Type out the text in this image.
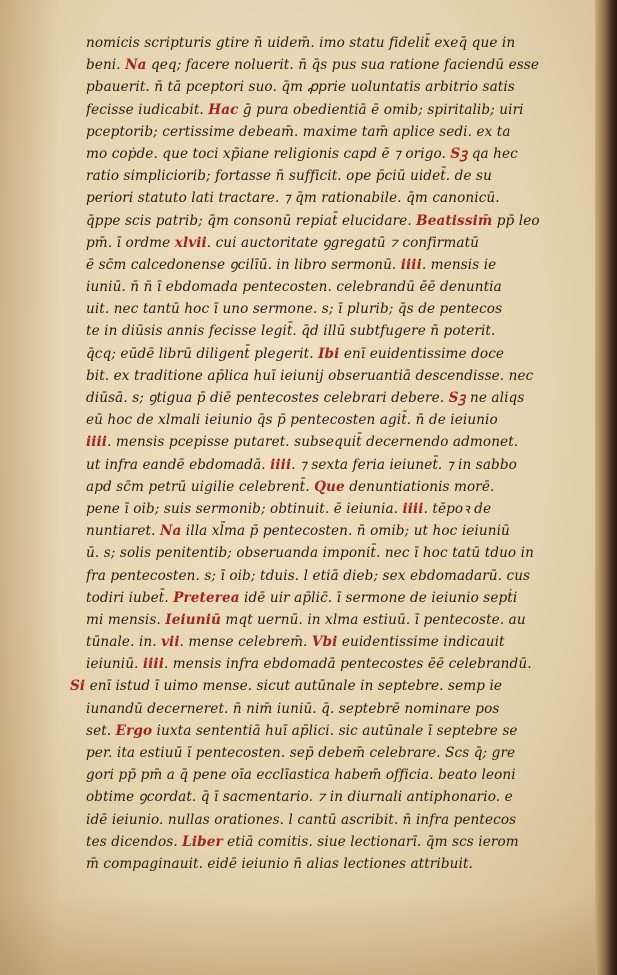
nomicis scripturis gtire n̄ uidem̄. imo statu fidelit̄ exeq̄ que in
beni. Na qeq; facere noluerit. n̄ q̄s pus sua ratione faciendū esse
pbauerit. n̄ tā pceptori suo. q̄m ꝓprie uoluntatis arbitrio satis
fecisse iudicabit. Hac ḡ pura obedientiā ē omib; spiritalib; uiri
pceptorib; certissime debeam̄. maxime tam̄ aplice sedi. ex ta
mo coṗde. que toci xp̄iane religionis capd ē ⁊ origo. Sꝫ qa hec
ratio simpliciorib; fortasse n̄ sufficit. ope p̄ciū uidet̄. de su
periori statuto lati tractare. ⁊ q̄m rationabile. q̄m canonicū.
q̄ppe scis patrib; q̄m consonū repiat̄ elucidare. Beatissim̄ pp̄ leo
pm̄. ī ordme xlvii. cui auctoritate ꝯgregatū ⁊ confirmatū
ē sc̄m calcedonense ꝯcilīū. in libro sermonū. iiii. mensis ie
iuniū. n̄ n̄ ī ebdomada pentecosten. celebrandū ēē denuntia
uit. nec tantū hoc ī uno sermone. s; ī plurib; q̄s de pentecos
te in diūsis annis fecisse legit̄. q̄d illū subtfugere n̄ poterit.
q̄cq; eūdē librū diligent̄ plegerit. Ibi enī euidentissime doce
bit. ex traditione ap̄lica huī ieiunij obseruantiā descendisse. nec
diūsā. s; ꝯtigua p̄ diē pentecostes celebrari debere. Sꝫ ne aliqs
eū hoc de xlmali ieiunio q̄s p̄ pentecosten agit̄. n̄ de ieiunio
iiii. mensis pcepisse putaret. subsequit̄ decernendo admonet.
ut infra eandē ebdomadā. iiii. ⁊ sexta feria ieiunet̄. ⁊ in sabbo
apd sc̄m petrū uigilie celebrent̄. Que denuntiationis morē.
pene ī oib; suis sermonib; obtinuit. ē ieiunia. iiii. tēpoꝛ de
nuntiaret. Na illa xl̄ma p̄ pentecosten. n̄ omib; ut hoc ieiuniū
ū. s; solis penitentib; obseruanda imponit̄. nec ī hoc tatū tduo in
fra pentecosten. s; ī oib; tduis. l etiā dieb; sex ebdomadarū. cus
todiri iubet̄. Preterea idē uir ap̄lic̄. ī sermone de ieiunio sepṫi
mi mensis. Ieiuniū mqt uernū. in xlma estiuū. ī pentecoste. au
tūnale. in. vii. mense celebrem̄. Vbi euidentissime indicauit
ieiuniū. iiii. mensis infra ebdomadā pentecostes ēē celebrandū.
Si enī istud ī uimo mense. sicut autūnale in septebre. semp ie
iunandū decerneret. n̄ nim̄ iuniū. q̄. septebrē nominare pos
set. Ergo iuxta sententiā huī ap̄lici. sic autūnale ī septebre se
per. ita estiuū ī pentecosten. sep̄ debem̄ celebrare. Scs q̄; gre
gori pp̄ pm̄ a q̄ pene oīa ecclīastica habem̄ officia. beato leoni
obtime ꝯcordat. q̄ ī sacmentario. ⁊ in diurnali antiphonario. e
idē ieiunio. nullas orationes. l cantū ascribit. n̄ infra pentecos
tes dicendos. Liber etiā comitis. siue lectionarī. q̄m scs ierom
m̄ compaginauit. eidē ieiunio n̄ alias lectiones attribuit.
